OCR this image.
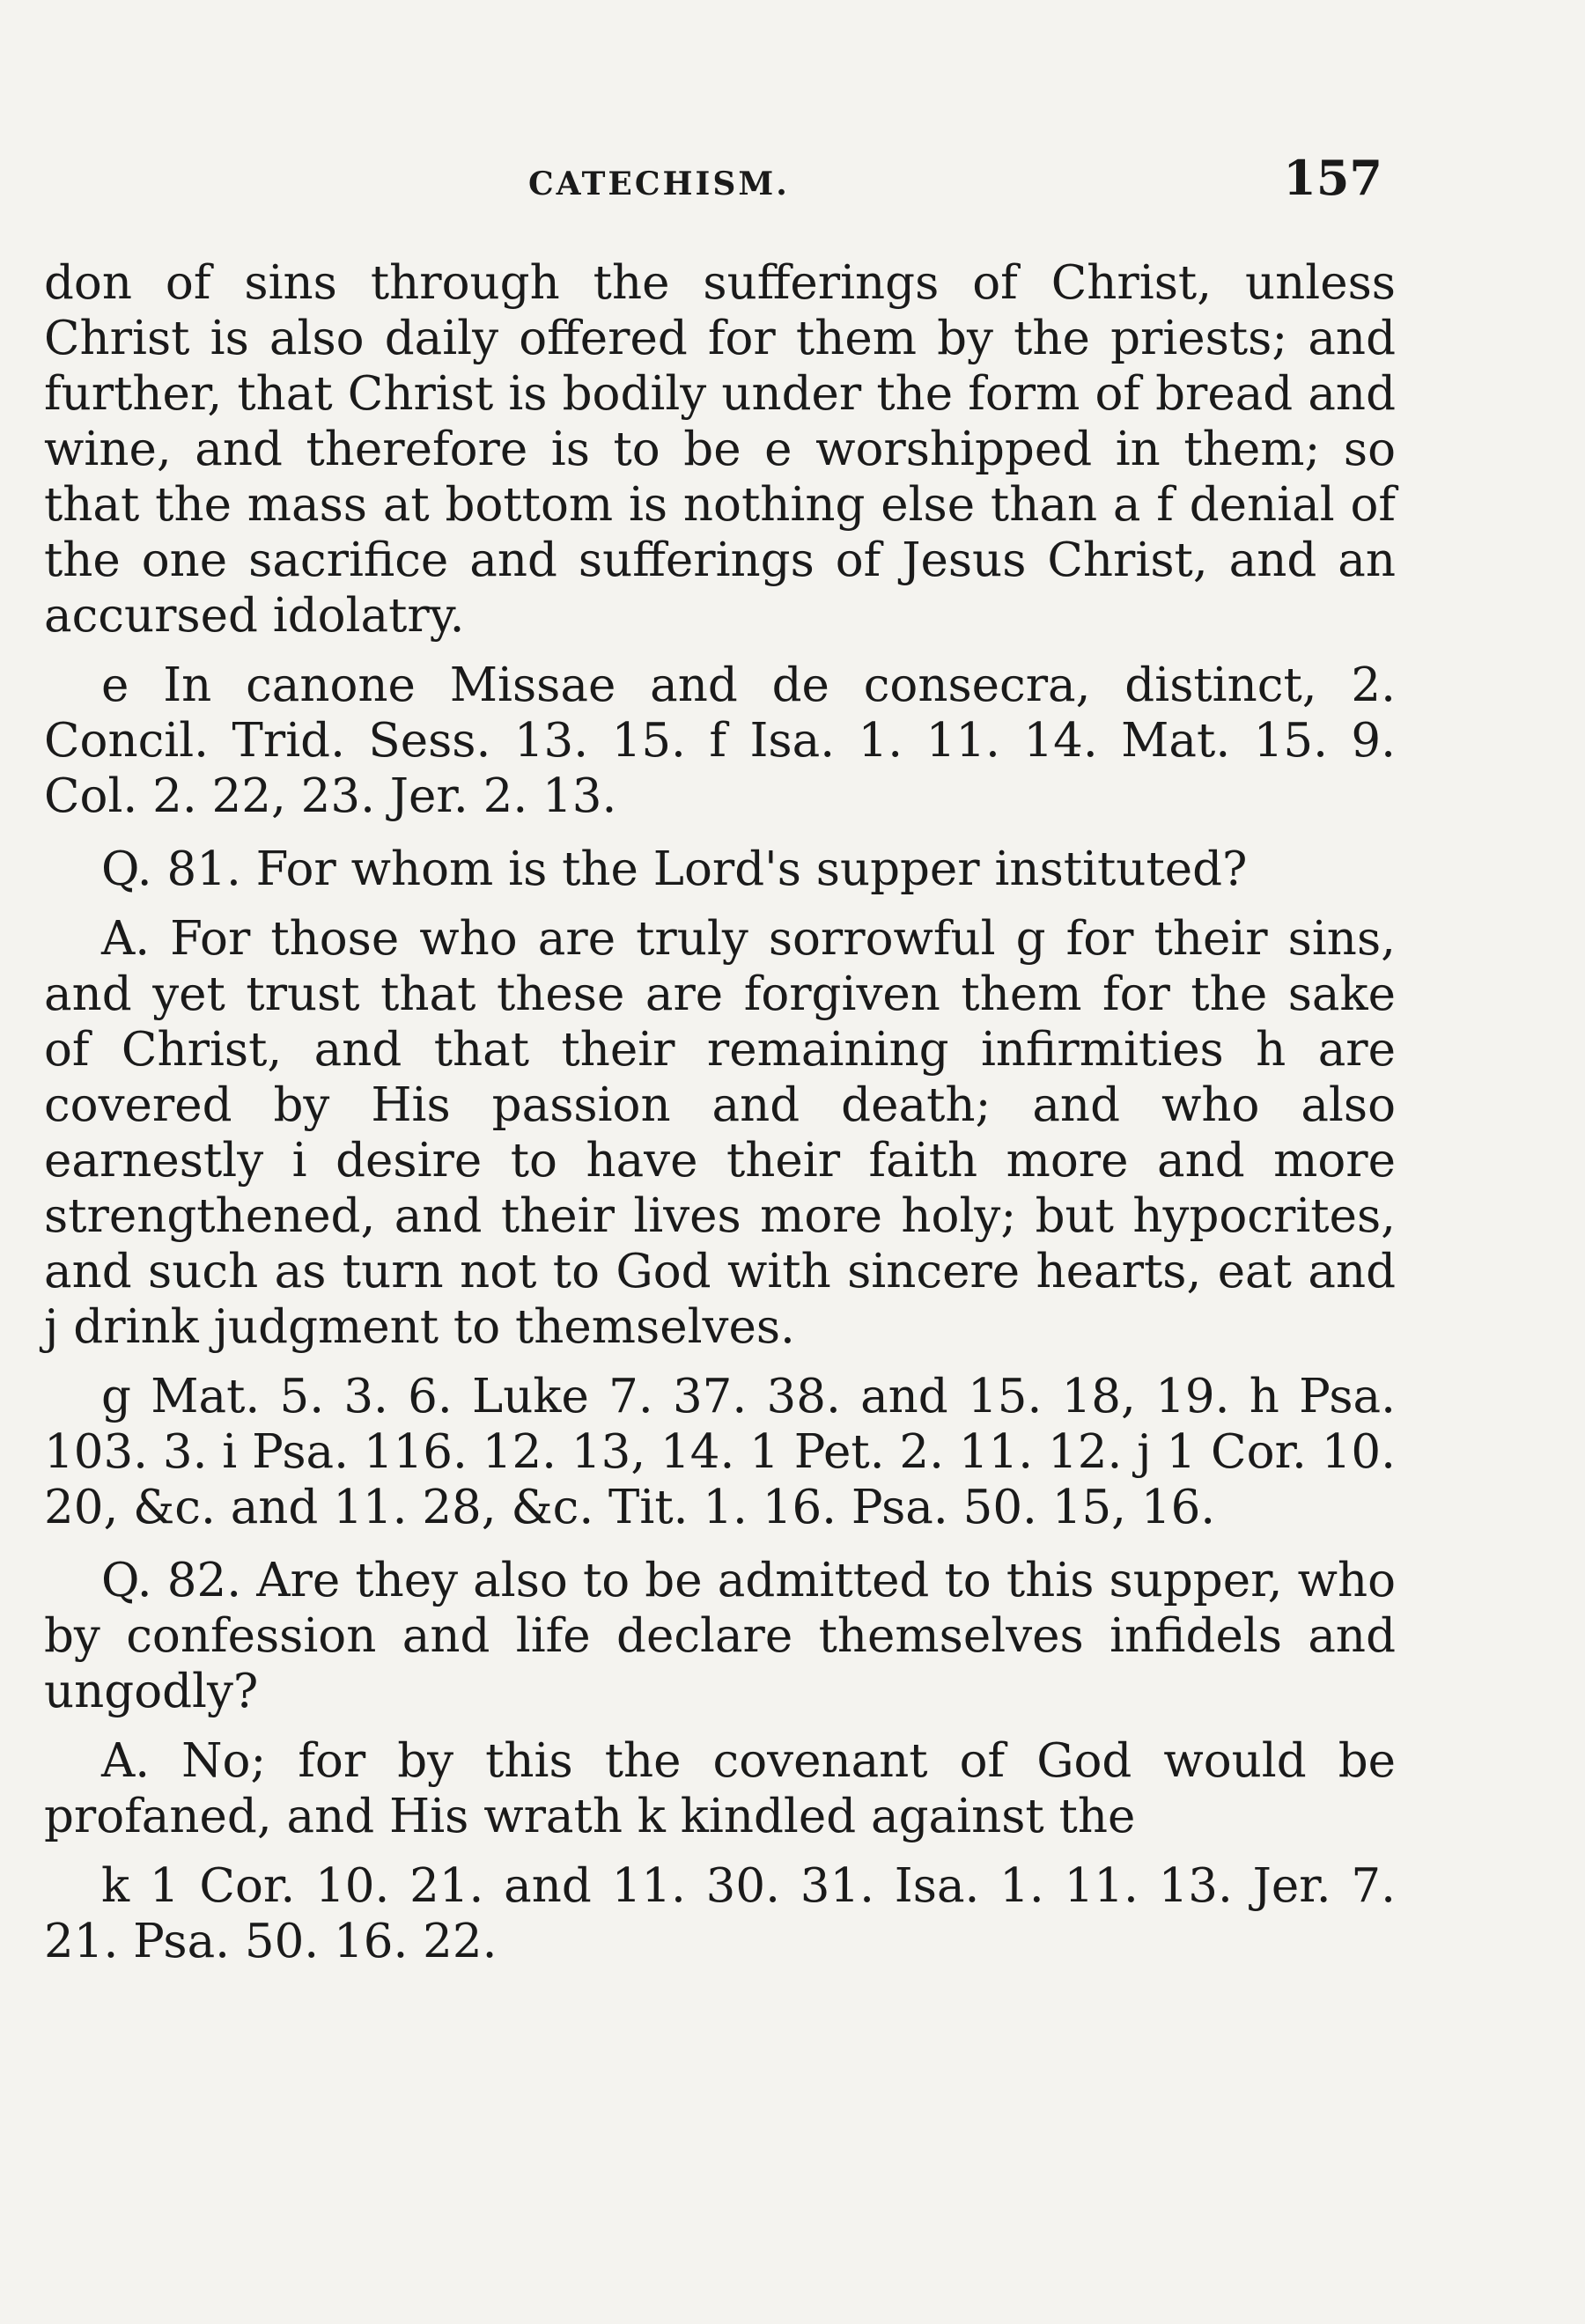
CATECHISM.	157

don of sins through the sufferings of Christ, unless Christ is also daily offered for them by the priests; and further, that Christ is bodily under the form of bread and wine, and therefore is to be e worshipped in them; so that the mass at bottom is nothing else than a f denial of the one sacrifice and sufferings of Jesus Christ, and an accursed idolatry.

e In canone Missae and de consecra, distinct, 2. Concil. Trid. Sess. 13. 15. f Isa. 1. 11. 14. Mat. 15. 9. Col. 2. 22, 23. Jer. 2. 13.

Q. 81. For whom is the Lord's supper instituted?

A. For those who are truly sorrowful g for their sins, and yet trust that these are forgiven them for the sake of Christ, and that their remaining infirmities h are covered by His passion and death; and who also earnestly i desire to have their faith more and more strengthened, and their lives more holy; but hypocrites, and such as turn not to God with sincere hearts, eat and j drink judgment to themselves.

g Mat. 5. 3. 6. Luke 7. 37. 38. and 15. 18, 19. h Psa. 103. 3. i Psa. 116. 12. 13, 14. 1 Pet. 2. 11. 12. j 1 Cor. 10. 20, &c. and 11. 28, &c. Tit. 1. 16. Psa. 50. 15, 16.

Q. 82. Are they also to be admitted to this supper, who by confession and life declare themselves infidels and ungodly?

A. No; for by this the covenant of God would be profaned, and His wrath k kindled against the

k 1 Cor. 10. 21. and 11. 30. 31. Isa. 1. 11. 13. Jer. 7. 21. Psa. 50. 16. 22.
